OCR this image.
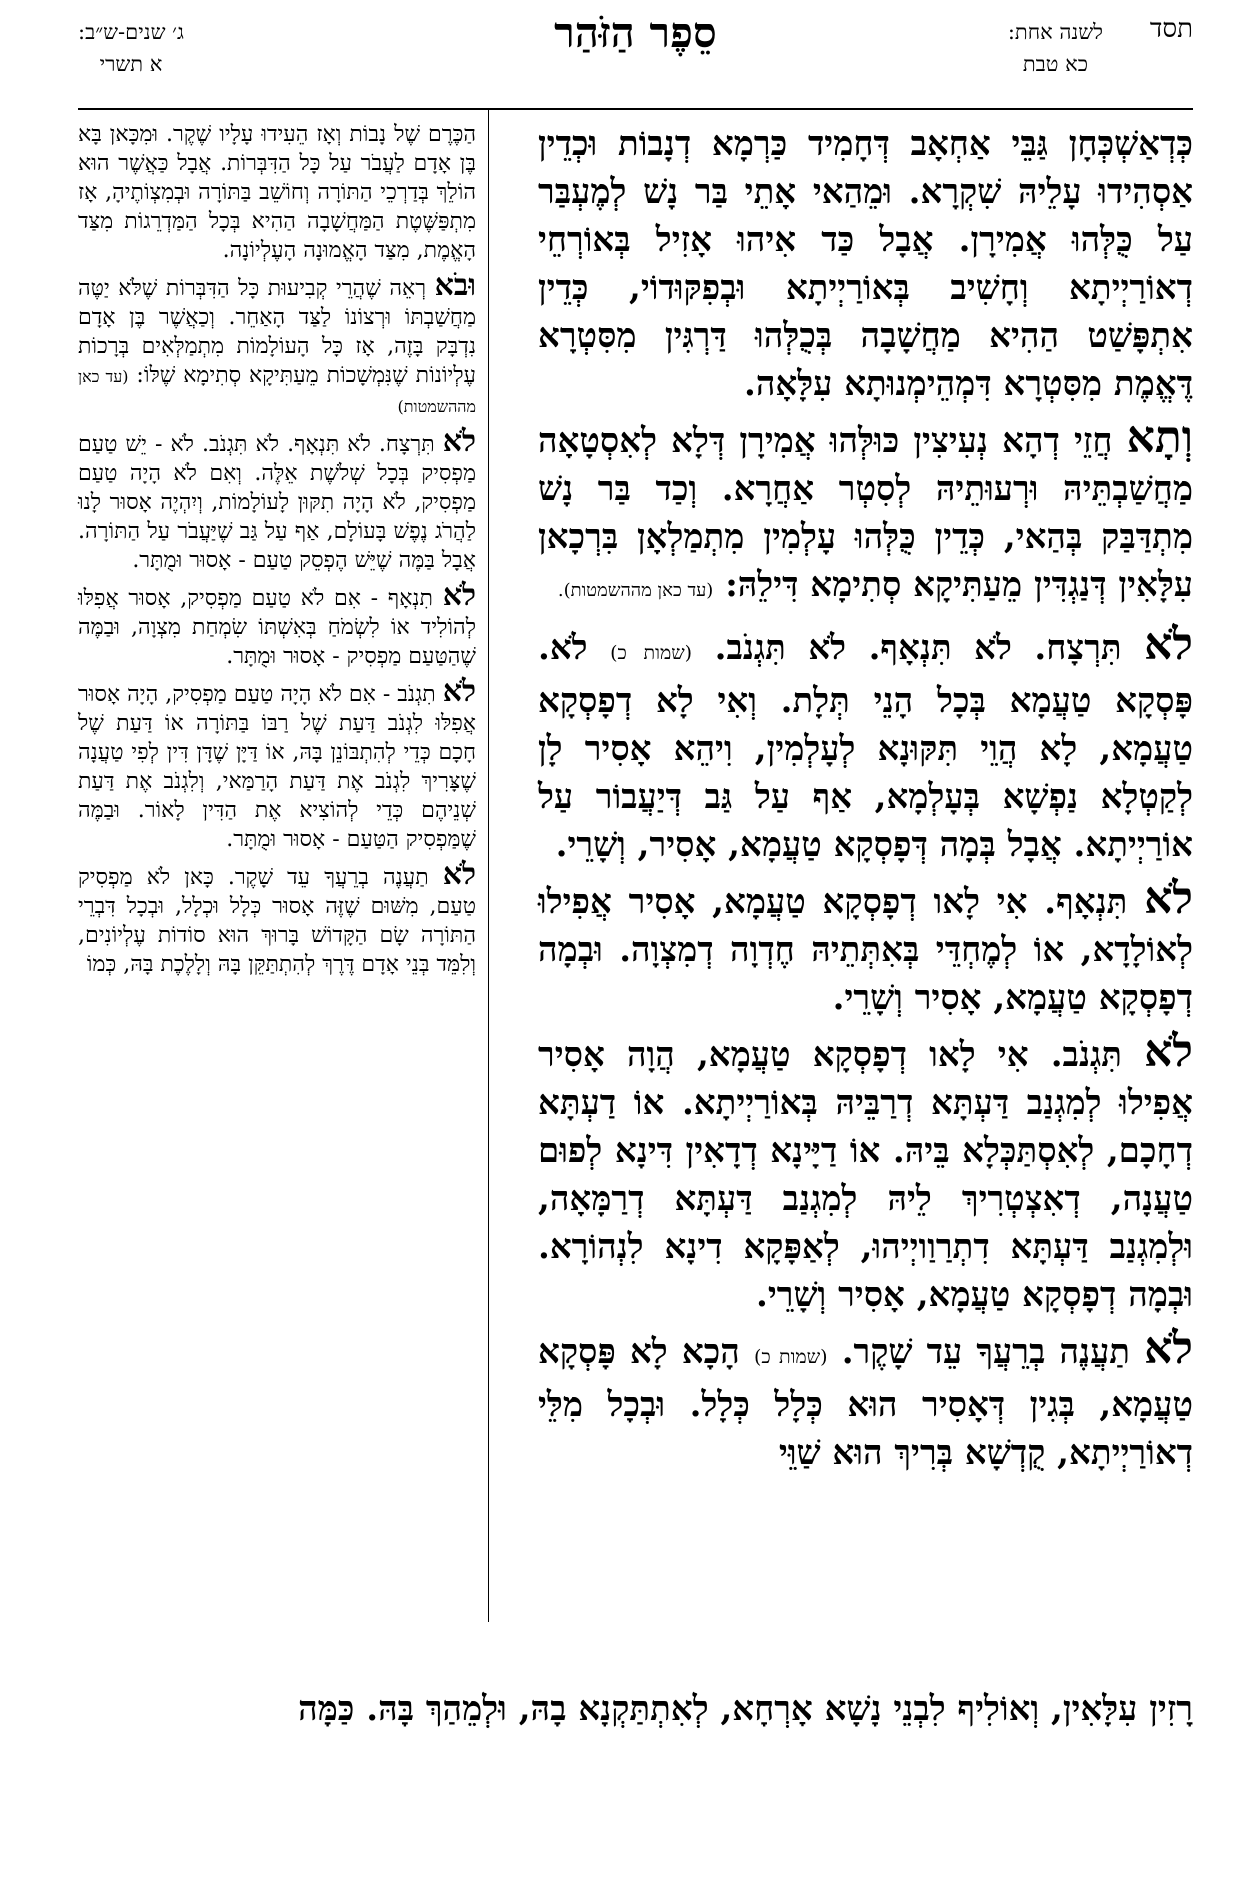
תסד
לשנה אחת:
כא טבת
סֵפֶר הַזֹּהַר
ג׳ שנים-ש״ב:
א תשרי

כְּדְאַשְׁכְּחָן גַּבֵּי אַחְאָב דְּחָמִיד כַּרְמָא דְנָבוֹת וּכְדֵין אַסְהִידוּ עָלֵיהּ שִׁקְרָא. וּמֵהַאי אָתֵי בַּר נָשׁ לְמֶעְבַּר עַל כֻּלְּהוּ אֲמִירָן. אֲבָל כַּד אִיהוּ אָזִיל בְּאוֹרְחֵי דְאוֹרַיְיתָא וְחָשִׁיב בְּאוֹרַיְיתָא וּבְפִקּוּדוֹי, כְּדֵין אִתְפָּשַׁט הַהִיא מַחֲשָׁבָה בְּכֻלְּהוּ דַּרְגִּין מִסִּטְרָא דֶּאֱמֶת מִסִּטְרָא דִּמְהֵימְנוּתָא עִלָּאָה.

וְתָא חֲזֵי דְהָא נְעִיצִין כּוּלְּהוּ אֲמִירָן דְּלָא לְאִסְטָאָה מַחֲשַׁבְתֵּיהּ וּרְעוּתֵיהּ לְסִטְר אַחֲרָא. וְכַד בַּר נָשׁ מִתְדַּבַּק בְּהַאי, כְּדֵין כֻּלְּהוּ עָלְמִין מִתְמַלְאָן בִּרְכָאן עִלָּאִין דְּנַגְדִּין מֵעַתִּיקָא סְתִימָא דִּילֵהּ: (עד כאן מההשמטות).

לֹא תִּרְצָח. לֹא תִּנְאָף. לֹא תִּגְנֹב. (שמות כ) לֹא. פָּסְקָא טַעֲמָא בְּכָל הָנֵי תְּלָת. וְאִי לָא דְפָסְקָא טַעֲמָא, לָא הֲוֵי תִּקּוּנָא לְעָלְמִין, וִיהֵא אָסִיר לָן לְקַטְלָא נַפְשָׁא בְּעָלְמָא, אַף עַל גַּב דְּיַעֲבוֹר עַל אוֹרַיְיתָא. אֲבָל בְּמָה דְּפָסְקָא טַעֲמָא, אָסִיר, וְשָׁרֵי.

לֹא תִּנְאָף. אִי לָאו דְפָסְקָא טַעֲמָא, אָסִיר אֲפִילוּ לְאוֹלָדָא, אוֹ לְמֶחְדֵּי בְּאִתְּתֵיהּ חֶדְוָה דְמִצְוָה. וּבְמָה דְפָסְקָא טַעֲמָא, אָסִיר וְשָׁרֵי.

לֹא תִּגְנֹב. אִי לָאו דְפָסְקָא טַעֲמָא, הֲוָה אָסִיר אֲפִילוּ לְמִגְנַב דַּעְתָּא דְרַבֵּיהּ בְּאוֹרַיְיתָא. אוֹ דַעְתָּא דְחָכָם, לְאִסְתַּכְּלָא בֵּיהּ. אוֹ דַיָּינָא דְדָאִין דִּינָא לְפוּם טַעֲנָה, דְאִצְטְרִיךְ לֵיהּ לְמִגְנַב דַּעְתָּא דְרַמָּאָה, וּלְמִגְנַב דַּעְתָּא דִתְרַוַויְיהוּ, לְאַפָּקָא דִינָא לִנְהוֹרָא. וּבְמָה דְפָסְקָא טַעֲמָא, אָסִיר וְשָׁרֵי.

לֹא תַעֲנֶה בְרֵעֲךָ עֵד שָׁקֶר. (שמות כ) הָכָא לָא פָּסְקָא טַעֲמָא, בְּגִין דְּאָסִיר הוּא כְּלָל כְּלָל. וּבְכָל מִלֵּי דְאוֹרַיְיתָא, קֻדְשָׁא בְּרִיךְ הוּא שַׁוֵּי

הַכֶּרֶם שֶׁל נָבוֹת וְאָז הֵעִידוּ עָלָיו שֶׁקֶר. וּמִכָּאן בָּא בֶּן אָדָם לַעֲבֹר עַל כָּל הַדִּבְּרוֹת. אֲבָל כַּאֲשֶׁר הוּא הוֹלֵךְ בְּדַרְכֵי הַתּוֹרָה וְחוֹשֵׁב בַּתּוֹרָה וּבְמִצְוֹתֶיהָ, אָז מִתְפַּשֶּׁטֶת הַמַּחֲשָׁבָה הַהִיא בְּכָל הַמַּדְרֵגוֹת מִצַּד הָאֱמֶת, מִצַּד הָאֱמוּנָה הָעֶלְיוֹנָה.

וּבֹא רְאֵה שֶׁהֲרֵי קְבִיעוּת כָּל הַדִּבְּרוֹת שֶׁלֹּא יַטֶּה מַחֲשַׁבְתּוֹ וּרְצוֹנוֹ לַצַּד הָאַחֵר. וְכַאֲשֶׁר בֶּן אָדָם נִדְבָּק בָּזֶה, אָז כָּל הָעוֹלָמוֹת מִתְמַלְּאִים בְּרָכוֹת עֶלְיוֹנוֹת שֶׁנִּמְשָׁכוֹת מֵעַתִּיקָא סְתִימָא שֶׁלּוֹ: (עד כאן מההשמטות)

לֹא תִּרְצָח. לֹא תִּנְאָף. לֹא תִּגְנֹב. לֹא - יֵשׁ טַעַם מַפְסִיק בְּכָל שְׁלֹשֶׁת אֵלֶּה. וְאִם לֹא הָיָה טַעַם מַפְסִיק, לֹא הָיָה תִקּוּן לָעוֹלָמוֹת, וְיִהְיֶה אָסוּר לָנוּ לַהֲרֹג נֶפֶשׁ בָּעוֹלָם, אַף עַל גַּב שֶׁיַּעֲבֹר עַל הַתּוֹרָה. אֲבָל בַּמֶּה שֶׁיֵּשׁ הֶפְסֵק טַעַם - אָסוּר וּמֻתָּר.

לֹא תִנְאָף - אִם לֹא טַעַם מַפְסִיק, אָסוּר אֲפִלּוּ לְהוֹלִיד אוֹ לִשְׂמֹחַ בְּאִשְׁתּוֹ שִׂמְחַת מִצְוָה, וּבַמֶּה שֶׁהַטַּעַם מַפְסִיק - אָסוּר וּמֻתָּר.

לֹא תִגְנֹב - אִם לֹא הָיָה טַעַם מַפְסִיק, הָיָה אָסוּר אֲפִלּוּ לִגְנֹב דַּעַת שֶׁל רַבּוֹ בַּתּוֹרָה אוֹ דַּעַת שֶׁל חָכָם כְּדֵי לְהִתְבּוֹנֵן בָּהּ, אוֹ דַּיָּן שֶׁדָּן דִּין לְפִי טַעֲנָה שֶׁצָּרִיךְ לִגְנֹב אֶת דַּעַת הָרַמַּאי, וְלִגְנֹב אֶת דַּעַת שְׁנֵיהֶם כְּדֵי לְהוֹצִיא אֶת הַדִּין לָאוֹר. וּבַמֶּה שֶׁמַּפְסִיק הַטַּעַם - אָסוּר וּמֻתָּר.

לֹא תַעֲנֶה בְרֵעֲךָ עֵד שָׁקֶר. כָּאן לֹא מַפְסִיק טַעַם, מִשּׁוּם שֶׁזֶּה אָסוּר כְּלָל וּכְלָל, וּבְכָל דִּבְרֵי הַתּוֹרָה שָׂם הַקָּדוֹשׁ בָּרוּךְ הוּא סוֹדוֹת עֶלְיוֹנִים, וְלִמֵּד בְּנֵי אָדָם דֶּרֶךְ לְהִתְתַּקֵּן בָּהּ וְלָלֶכֶת בָּהּ, כְּמוֹ

רָזִין עִלָּאִין, וְאוֹלִיף לִבְנֵי נָשָׁא אָרְחָא, לְאִתְתַּקְנָא בָהּ, וּלְמֵהַךְ בָּהּ. כַּמָּה
